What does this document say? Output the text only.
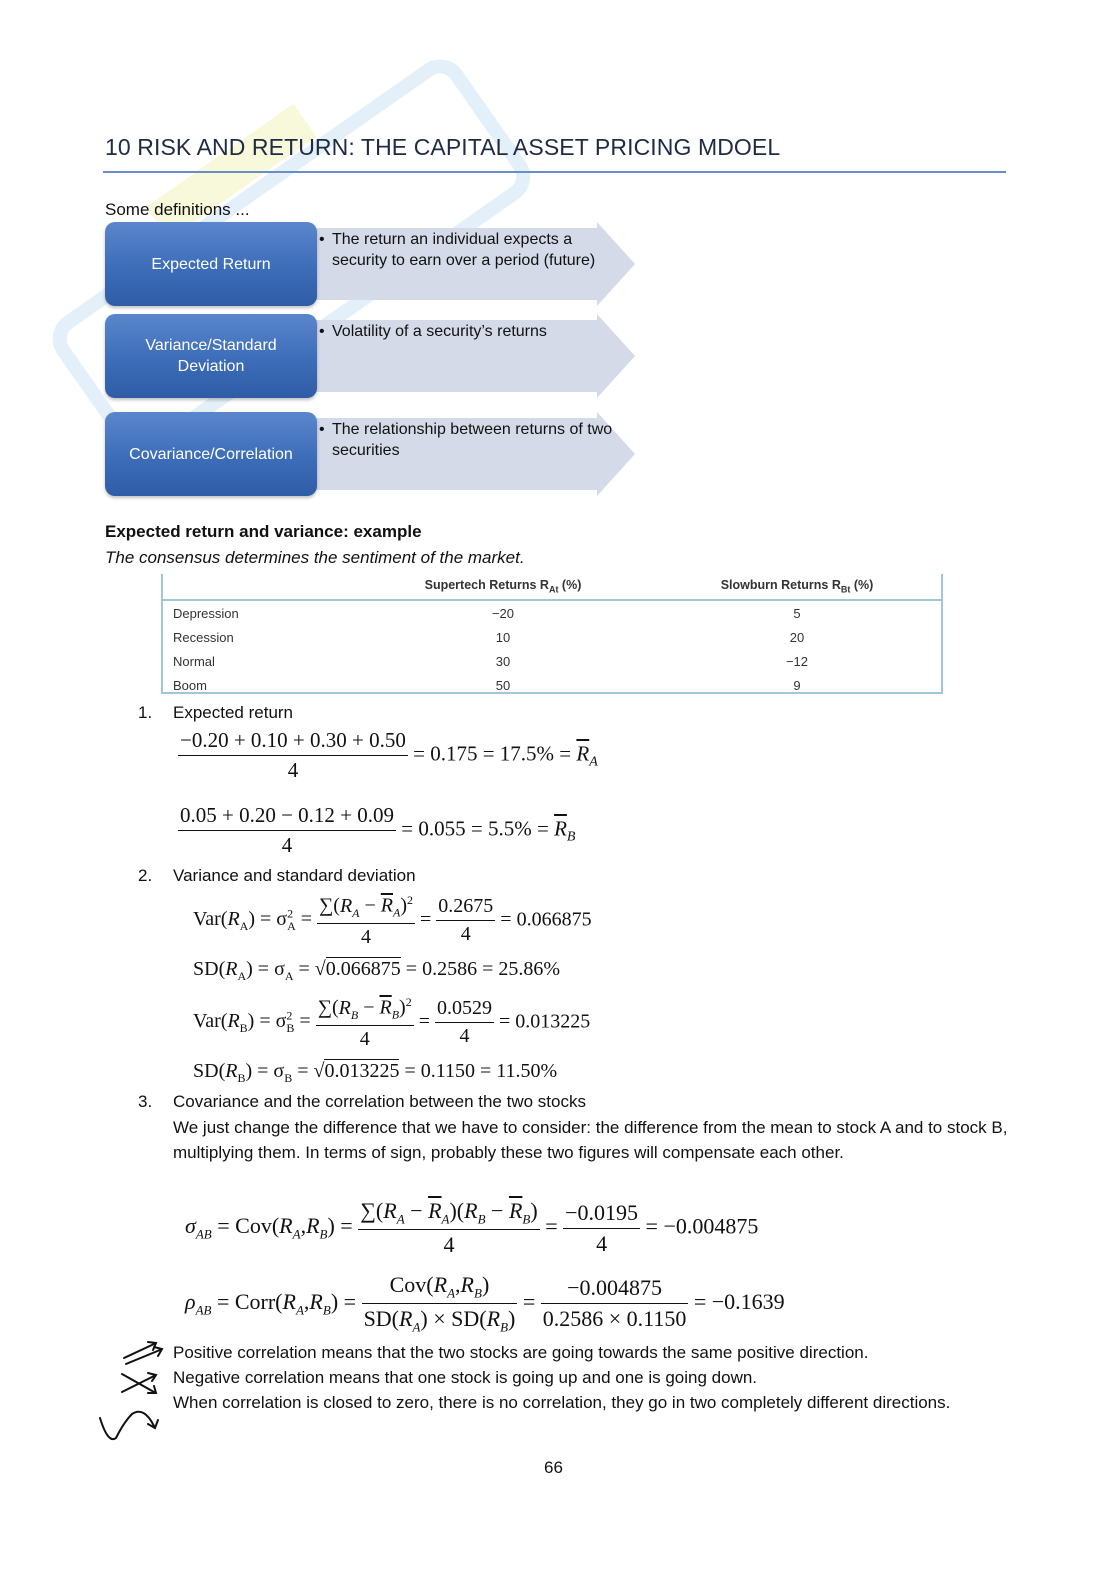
10 RISK AND RETURN: THE CAPITAL ASSET PRICING MDOEL
Some definitions ...
Expected Return
• The return an individual expects a security to earn over a period (future)
Variance/Standard Deviation
• Volatility of a security’s returns
Covariance/Correlation
• The relationship between returns of two securities
Expected return and variance: example
The consensus determines the sentiment of the market.
	Supertech Returns $R_{At}$ (%)	Slowburn Returns $R_{Bt}$ (%)
Depression	−20	5
Recession	10	20
Normal	30	−12
Boom	50	9
1. Expected return
$\frac{-0.20 + 0.10 + 0.30 + 0.50}{4} = 0.175 = 17.5\% = \overline{R}_A$
$\frac{0.05 + 0.20 - 0.12 + 0.09}{4} = 0.055 = 5.5\% = \overline{R}_B$
2. Variance and standard deviation
$Var(R_A) = \sigma^2_A = \frac{\sum(R_A - \overline{R}_A)^2}{4} = \frac{0.2675}{4} = 0.066875$
$SD(R_A) = \sigma_A = √0.066875 = 0.2586 = 25.86\%$
$Var(R_B) = \sigma^2_B = \frac{\sum(R_B - \overline{R}_B)^2}{4} = \frac{0.0529}{4} = 0.013225$
$SD(R_B) = \sigma_B = √0.013225 = 0.1150 = 11.50\%$
3. Covariance and the correlation between the two stocks
We just change the difference that we have to consider: the difference from the mean to stock A and to stock B, multiplying them. In terms of sign, probably these two figures will compensate each other.
$\sigma_{AB} = Cov(R_A,R_B) = \frac{\sum(R_A - \overline{R}_A)(R_B - \overline{R}_B)}{4} = \frac{-0.0195}{4} = -0.004875$
$\rho_{AB}$ = $Corr(R_A,R_B) = \frac{Cov(R_A,R_B)}{SD(R_A) \times SD(R_B)} = \frac{-0.004875}{0.2586 \times 0.1150} = -0.1639$
Positive correlation means that the two stocks are going towards the same positive direction.
Negative correlation means that one stock is going up and one is going down.
When correlation is closed to zero, there is no correlation, they go in two completely different directions.
66
